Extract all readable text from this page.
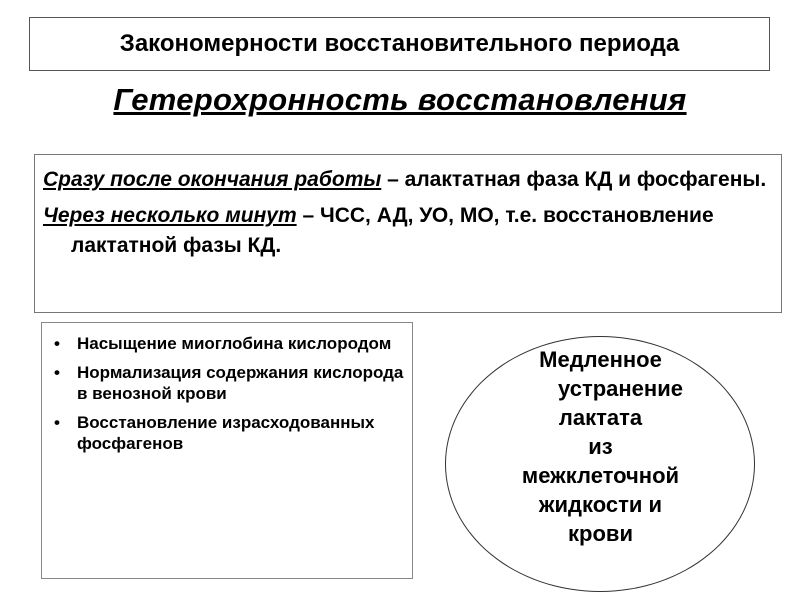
Закономерности восстановительного периода
Гетерохронность восстановления

Сразу после окончания работы – алактатная фаза КД и фосфагены.

Через несколько минут – ЧСС, АД, УО, МО, т.е. восстановление лактатной фазы КД.

• Насыщение миоглобина кислородом
• Нормализация содержания кислорода в венозной крови
• Восстановление израсходованных фосфагенов
Медленное
устранение
лактата
из
межклеточной
жидкости и
крови
